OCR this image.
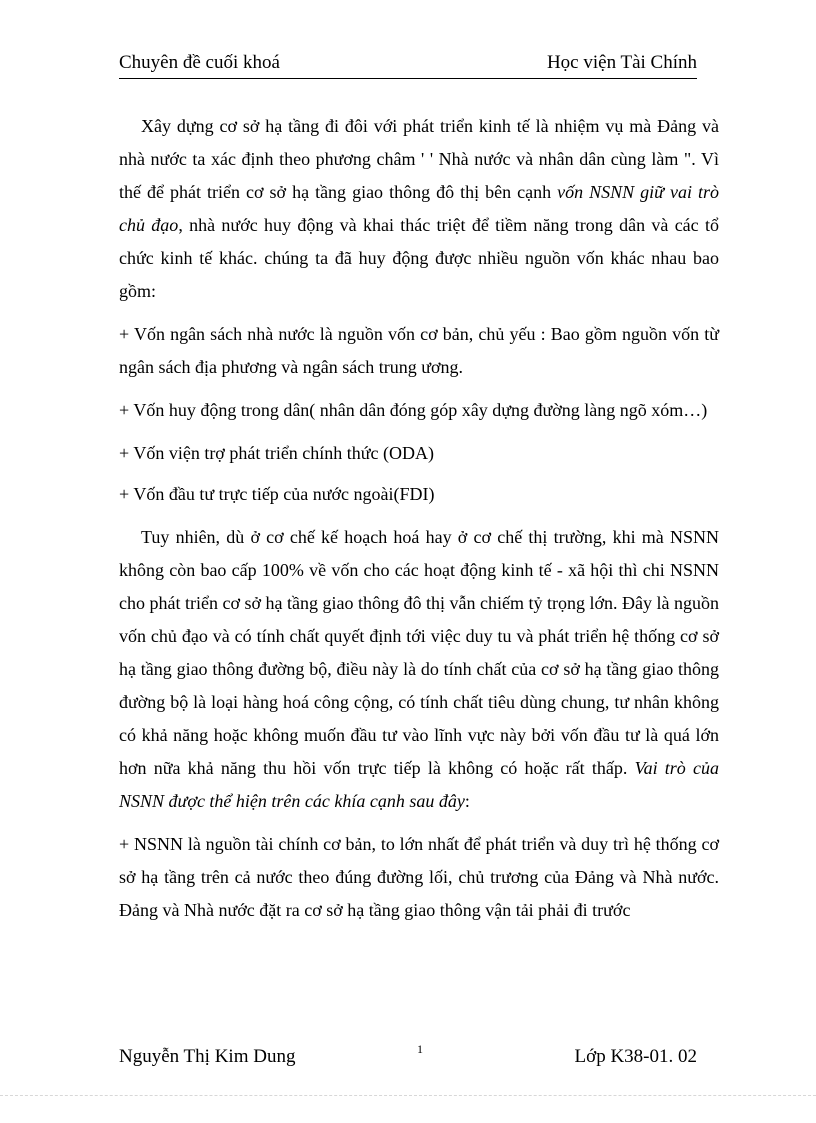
Chuyên đề cuối khoá	Học viện Tài Chính

Xây dựng cơ sở hạ tầng đi đôi với phát triển kinh tế là nhiệm vụ mà Đảng và nhà nước ta xác định theo phương châm ' ' Nhà nước và nhân dân cùng làm ". Vì thế để phát triển cơ sở hạ tầng giao thông đô thị bên cạnh vốn NSNN giữ vai trò chủ đạo, nhà nước huy động và khai thác triệt để tiềm năng trong dân và các tổ chức kinh tế khác. chúng ta đã huy động được nhiều nguồn vốn khác nhau bao gồm:

+ Vốn ngân sách nhà nước là nguồn vốn cơ bản, chủ yếu : Bao gồm nguồn vốn từ ngân sách địa phương và ngân sách trung ương.

+ Vốn huy động trong dân( nhân dân đóng góp xây dựng đường làng ngõ xóm…)

+ Vốn viện trợ phát triển chính thức (ODA)

+ Vốn đầu tư trực tiếp của nước ngoài(FDI)

Tuy nhiên, dù ở cơ chế kế hoạch hoá hay ở cơ chế thị trường, khi mà NSNN không còn bao cấp 100% về vốn cho các hoạt động kinh tế - xã hội thì chi NSNN cho phát triển cơ sở hạ tầng giao thông đô thị vẫn chiếm tỷ trọng lớn. Đây là nguồn vốn chủ đạo và có tính chất quyết định tới việc duy tu và phát triển hệ thống cơ sở hạ tầng giao thông đường bộ, điều này là do tính chất của cơ sở hạ tầng giao thông đường bộ là loại hàng hoá công cộng, có tính chất tiêu dùng chung, tư nhân không có khả năng hoặc không muốn đầu tư vào lĩnh vực này bởi vốn đầu tư là quá lớn hơn nữa khả năng thu hồi vốn trực tiếp là không có hoặc rất thấp. Vai trò của NSNN được thể hiện trên các khía cạnh sau đây:

+ NSNN là nguồn tài chính cơ bản, to lớn nhất để phát triển và duy trì hệ thống cơ sở hạ tầng trên cả nước theo đúng đường lối, chủ trương của Đảng và Nhà nước. Đảng và Nhà nước đặt ra cơ sở hạ tầng giao thông vận tải phải đi trước

Nguyễn Thị Kim Dung	1	Lớp K38-01. 02
